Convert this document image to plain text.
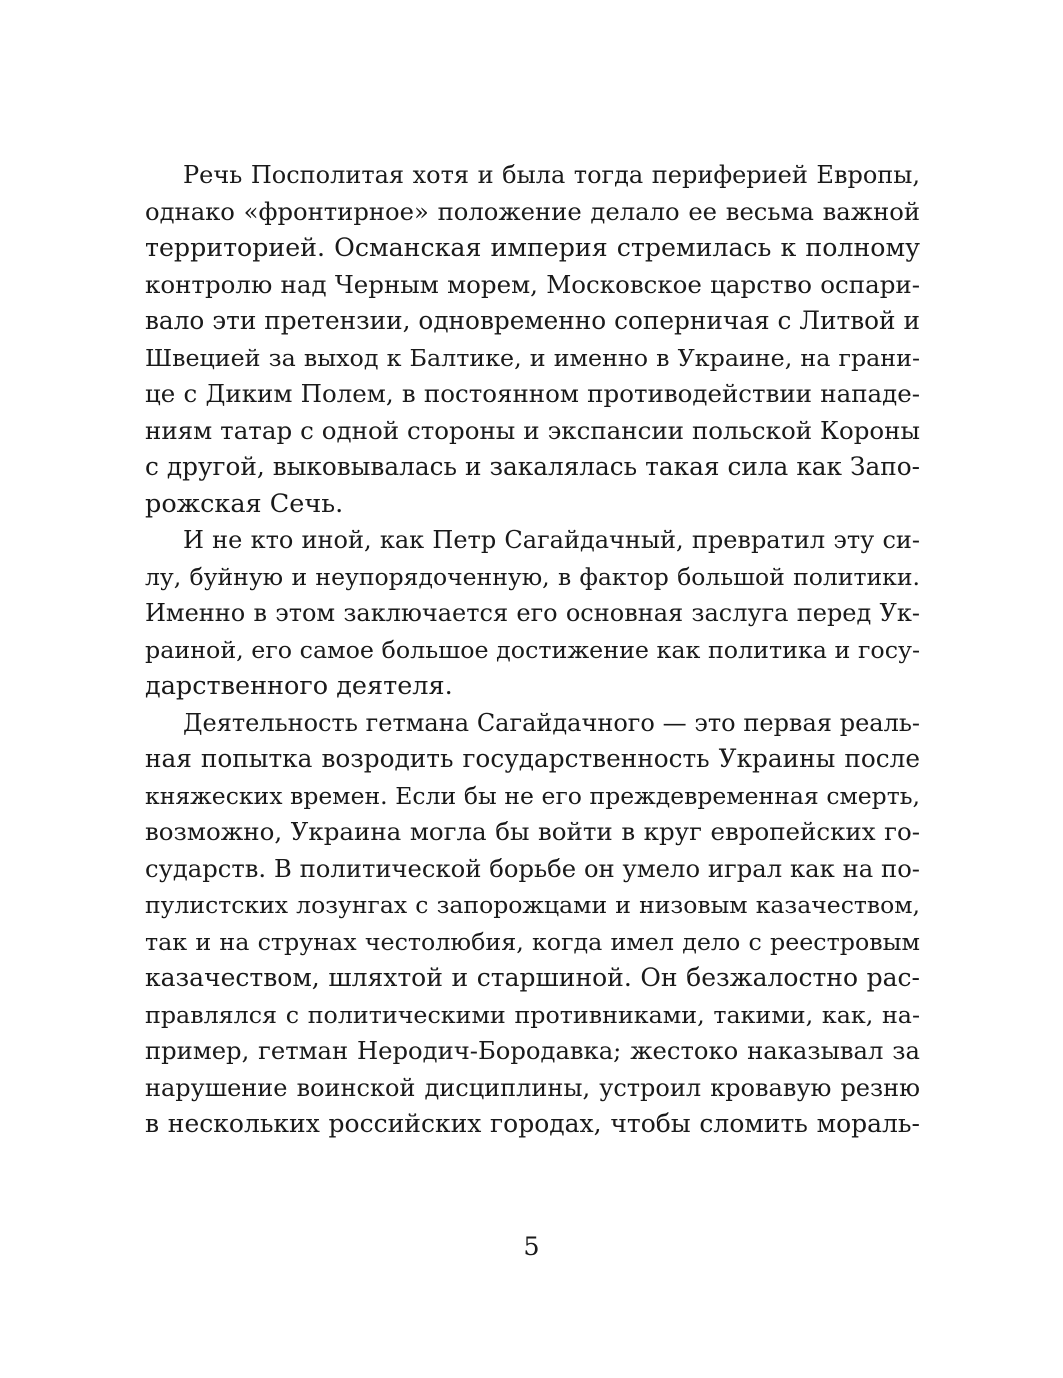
Речь Посполитая хотя и была тогда периферией Европы,
однако «фронтирное» положение делало ее весьма важной
территорией. Османская империя стремилась к полному
контролю над Черным морем, Московское царство оспари-
вало эти претензии, одновременно соперничая с Литвой и
Швецией за выход к Балтике, и именно в Украине, на грани-
це с Диким Полем, в постоянном противодействии нападе-
ниям татар с одной стороны и экспансии польской Короны
с другой, выковывалась и закалялась такая сила как Запо-
рожская Сечь.
И не кто иной, как Петр Сагайдачный, превратил эту си-
лу, буйную и неупорядоченную, в фактор большой политики.
Именно в этом заключается его основная заслуга перед Ук-
раиной, его самое большое достижение как политика и госу-
дарственного деятеля.
Деятельность гетмана Сагайдачного — это первая реаль-
ная попытка возродить государственность Украины после
княжеских времен. Если бы не его преждевременная смерть,
возможно, Украина могла бы войти в круг европейских го-
сударств. В политической борьбе он умело играл как на по-
пулистских лозунгах с запорожцами и низовым казачеством,
так и на струнах честолюбия, когда имел дело с реестровым
казачеством, шляхтой и старшиной. Он безжалостно рас-
правлялся с политическими противниками, такими, как, на-
пример, гетман Неродич-Бородавка; жестоко наказывал за
нарушение воинской дисциплины, устроил кровавую резню
в нескольких российских городах, чтобы сломить мораль-
5
